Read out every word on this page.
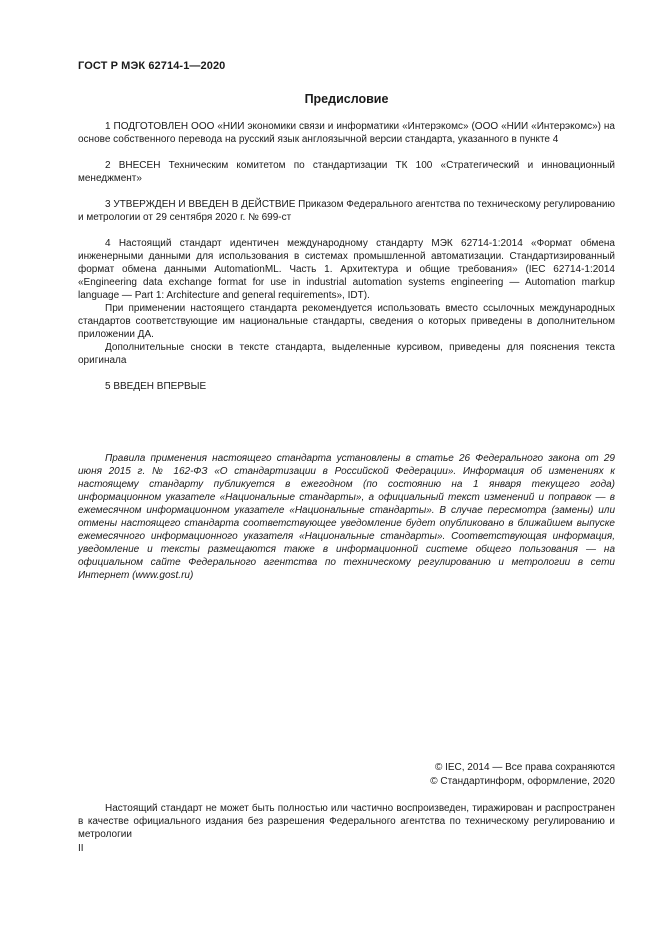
ГОСТ Р МЭК 62714-1—2020
Предисловие

1 ПОДГОТОВЛЕН ООО «НИИ экономики связи и информатики «Интерэкомс» (ООО «НИИ «Интерэкомс») на основе собственного перевода на русский язык англоязычной версии стандарта, указанного в пункте 4

2 ВНЕСЕН Техническим комитетом по стандартизации ТК 100 «Стратегический и инновационный менеджмент»

3 УТВЕРЖДЕН И ВВЕДЕН В ДЕЙСТВИЕ Приказом Федерального агентства по техническому регулированию и метрологии от 29 сентября 2020 г. № 699-ст

4 Настоящий стандарт идентичен международному стандарту МЭК 62714-1:2014 «Формат обмена инженерными данными для использования в системах промышленной автоматизации. Стандартизированный формат обмена данными AutomationML. Часть 1. Архитектура и общие требования» (IEC 62714-1:2014 «Engineering data exchange format for use in industrial automation systems engineering — Automation markup language — Part 1: Architecture and general requirements», IDT).

При применении настоящего стандарта рекомендуется использовать вместо ссылочных международных стандартов соответствующие им национальные стандарты, сведения о которых приведены в дополнительном приложении ДА.

Дополнительные сноски в тексте стандарта, выделенные курсивом, приведены для пояснения текста оригинала

5 ВВЕДЕН ВПЕРВЫЕ

Правила применения настоящего стандарта установлены в статье 26 Федерального закона от 29 июня 2015 г. № 162-ФЗ «О стандартизации в Российской Федерации». Информация об изменениях к настоящему стандарту публикуется в ежегодном (по состоянию на 1 января текущего года) информационном указателе «Национальные стандарты», а официальный текст изменений и поправок — в ежемесячном информационном указателе «Национальные стандарты». В случае пересмотра (замены) или отмены настоящего стандарта соответствующее уведомление будет опубликовано в ближайшем выпуске ежемесячного информационного указателя «Национальные стандарты». Соответствующая информация, уведомление и тексты размещаются также в информационной системе общего пользования — на официальном сайте Федерального агентства по техническому регулированию и метрологии в сети Интернет (www.gost.ru)

© IEC, 2014 — Все права сохраняются
© Стандартинформ, оформление, 2020

Настоящий стандарт не может быть полностью или частично воспроизведен, тиражирован и распространен в качестве официального издания без разрешения Федерального агентства по техническому регулированию и метрологии

II
